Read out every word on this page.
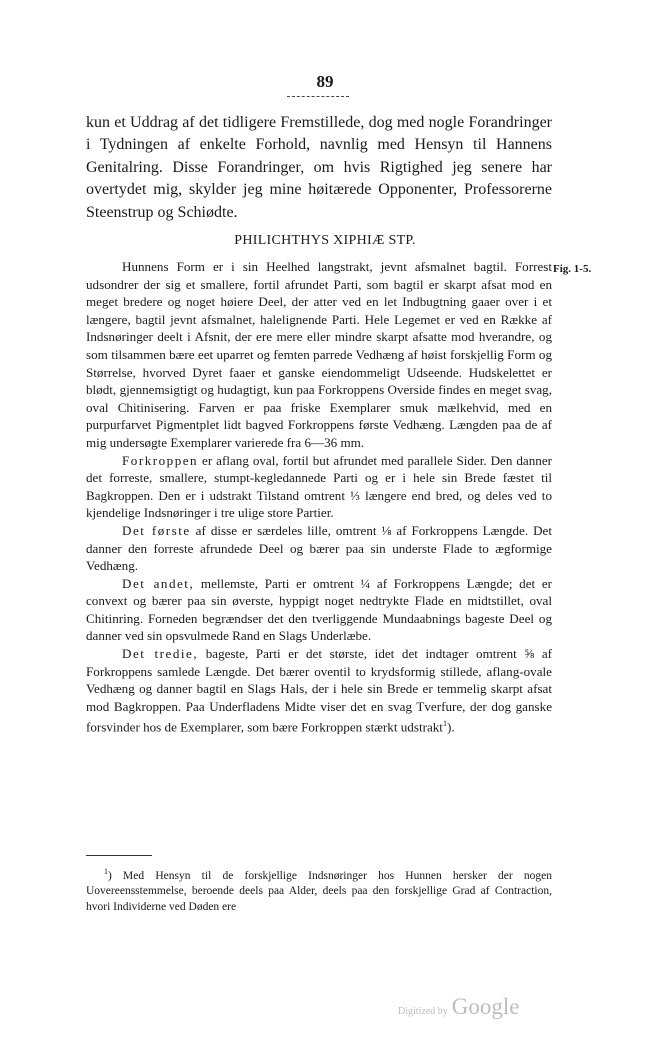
89

kun et Uddrag af det tidligere Fremstillede, dog med nogle Forandringer i Tydningen af enkelte Forhold, navnlig med Hensyn til Hannens Genitalring. Disse Forandringer, om hvis Rigtighed jeg senere har overtydet mig, skylder jeg mine høitærede Opponenter, Professorerne Steenstrup og Schiødte.

PHILICHTHYS XIPHIÆ STP.
Fig. 1-5.

Hunnens Form er i sin Heelhed langstrakt, jevnt afsmalnet bagtil. Forrest udsondrer der sig et smallere, fortil afrundet Parti, som bagtil er skarpt afsat mod en meget bredere og noget høiere Deel, der atter ved en let Indbugtning gaaer over i et længere, bagtil jevnt afsmalnet, halelignende Parti. Hele Legemet er ved en Række af Indsnøringer deelt i Afsnit, der ere mere eller mindre skarpt afsatte mod hverandre, og som tilsammen bære eet uparret og femten parrede Vedhæng af høist forskjellig Form og Størrelse, hvorved Dyret faaer et ganske eiendommeligt Udseende. Hudskelettet er blødt, gjennemsigtigt og hudagtigt, kun paa Forkroppens Overside findes en meget svag, oval Chitinisering. Farven er paa friske Exemplarer smuk mælkehvid, med en purpurfarvet Pigmentplet lidt bagved Forkroppens første Vedhæng. Længden paa de af mig undersøgte Exemplarer varierede fra 6—36 mm.

Forkroppen er aflang oval, fortil but afrundet med parallele Sider. Den danner det forreste, smallere, stumpt-kegledannede Parti og er i hele sin Brede fæstet til Bagkroppen. Den er i udstrakt Tilstand omtrent ⅓ længere end bred, og deles ved to kjendelige Indsnøringer i tre ulige store Partier.

Det første af disse er særdeles lille, omtrent ⅛ af Forkroppens Længde. Det danner den forreste afrundede Deel og bærer paa sin underste Flade to ægformige Vedhæng.

Det andet, mellemste, Parti er omtrent ¼ af Forkroppens Længde; det er convext og bærer paa sin øverste, hyppigt noget nedtrykte Flade en midtstillet, oval Chitinring. Forneden begrændser det den tverliggende Mundaabnings bageste Deel og danner ved sin opsvulmede Rand en Slags Underlæbe.

Det tredie, bageste, Parti er det største, idet det indtager omtrent ⅝ af Forkroppens samlede Længde. Det bærer oventil to krydsformig stillede, aflang-ovale Vedhæng og danner bagtil en Slags Hals, der i hele sin Brede er temmelig skarpt afsat mod Bagkroppen. Paa Underfladens Midte viser det en svag Tverfure, der dog ganske forsvinder hos de Exemplarer, som bære Forkroppen stærkt udstrakt$^1$).

$^1$) Med Hensyn til de forskjellige Indsnøringer hos Hunnen hersker der nogen Uovereensstemmelse, beroende deels paa Alder, deels paa den forskjellige Grad af Contraction, hvori Individerne ved Døden ere

Digitized by Google
